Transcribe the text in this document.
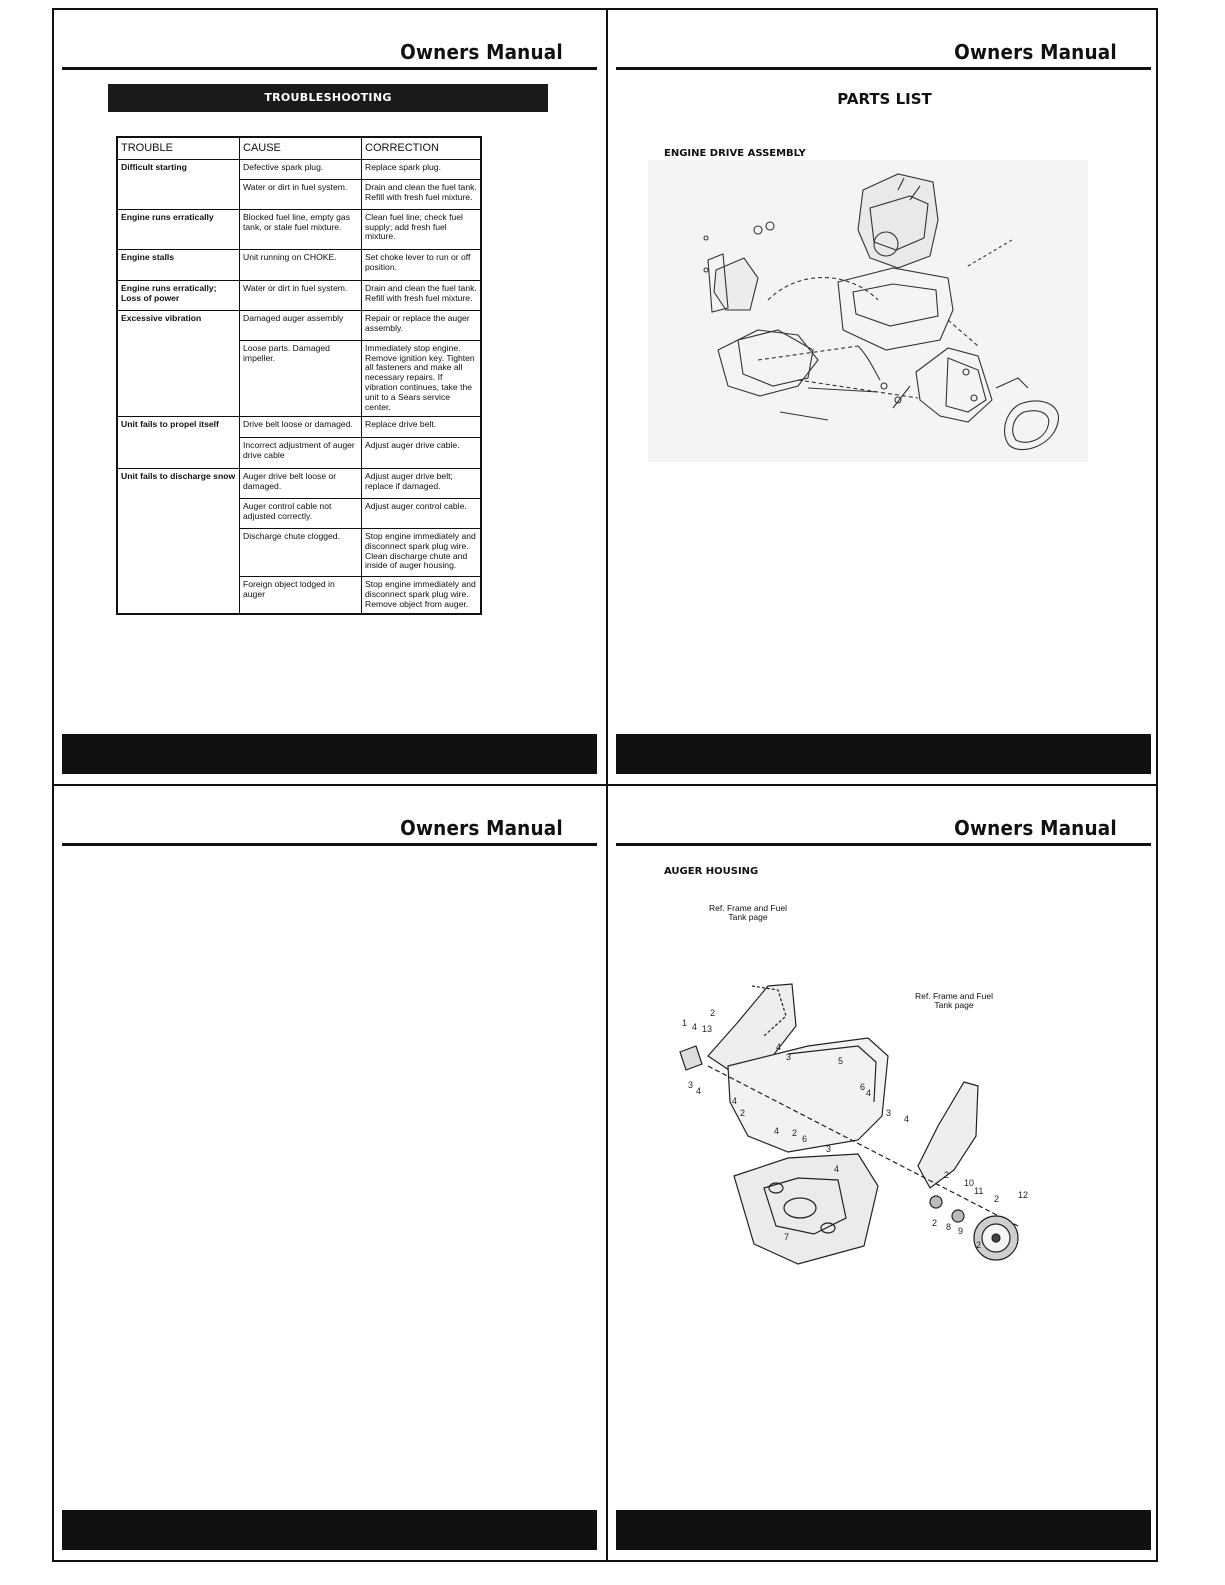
Owners Manual
TROUBLESHOOTING
TROUBLE	CAUSE	CORRECTION
Difficult starting	Defective spark plug.	Replace spark plug.
	Water or dirt in fuel system.	Drain and clean the fuel tank. Refill with fresh fuel mixture.
Engine runs erratically	Blocked fuel line, empty gas tank, or stale fuel mixture.	Clean fuel line; check fuel supply; add fresh fuel mixture.
Engine stalls	Unit running on CHOKE.	Set choke lever to run or off position.
Engine runs erratically; Loss of power	Water or dirt in fuel system.	Drain and clean the fuel tank. Refill with fresh fuel mixture.
Excessive vibration	Damaged auger assembly	Repair or replace the auger assembly.
	Loose parts. Damaged impeller.	Immediately stop engine. Remove ignition key. Tighten all fasteners and make all necessary repairs. If vibration continues, take the unit to a Sears service center.
Unit fails to propel itself	Drive belt loose or damaged.	Replace drive belt.
	Incorrect adjustment of auger drive cable	Adjust auger drive cable.
Unit fails to discharge snow	Auger drive belt loose or damaged.	Adjust auger drive belt; replace if damaged.
	Auger control cable not adjusted correctly.	Adjust auger control cable.
	Discharge chute clogged.	Stop engine immediately and disconnect spark plug wire. Clean discharge chute and inside of auger housing.
	Foreign object lodged in auger	Stop engine immediately and disconnect spark plug wire. Remove object from auger.
Owners Manual
PARTS LIST
ENGINE DRIVE ASSEMBLY
Owners Manual	Owners Manual
AUGER HOUSING
Ref. Frame and Fuel Tank page
Ref. Frame and Fuel Tank page
1 4 13
2
3
4
4
3	5
4
2
6
4
3
4
4 2
6
3
4
7
2
10
11
2 12
2 8 9
2
